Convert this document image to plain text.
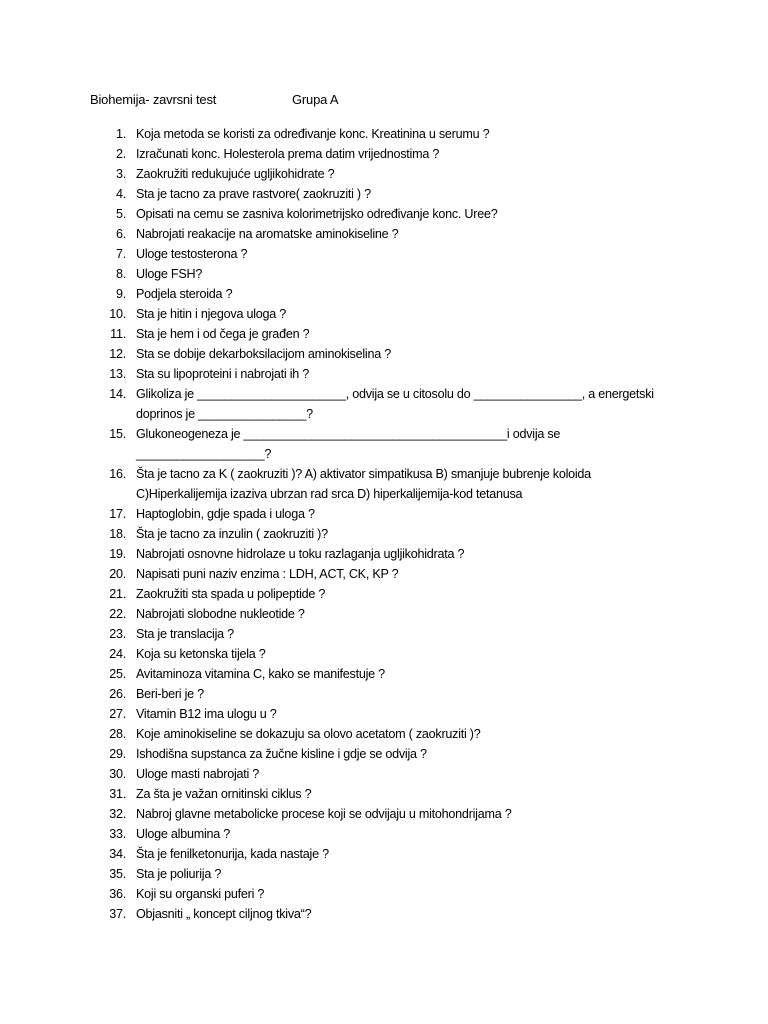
Biohemija- zavrsni test	Grupa A
1. Koja metoda se koristi za određivanje konc. Kreatinina u serumu ?
2. Izračunati konc. Holesterola prema datim vrijednostima ?
3. Zaokružiti redukujuće ugljikohidrate ?
4. Sta je tacno za prave rastvore( zaokruziti ) ?
5. Opisati na cemu se zasniva kolorimetrijsko određivanje konc. Uree?
6. Nabrojati reakacije na aromatske aminokiseline ?
7. Uloge testosterona ?
8. Uloge FSH?
9. Podjela steroida ?
10. Sta je hitin i njegova uloga ?
11. Sta je hem i od čega je građen ?
12. Sta se dobije dekarboksilacijom aminokiselina ?
13. Sta su lipoproteini i nabrojati ih ?
14. Glikoliza je ______________________, odvija se u citosolu do ________________, a energetski
doprinos je ________________?
15. Glukoneogeneza je _______________________________________i odvija se
___________________?
16. Šta je tacno za K ( zaokruziti )? A) aktivator simpatikusa B) smanjuje bubrenje koloida
C)Hiperkalijemija izaziva ubrzan rad srca D) hiperkalijemija-kod tetanusa
17. Haptoglobin, gdje spada i uloga ?
18. Šta je tacno za inzulin ( zaokruziti )?
19. Nabrojati osnovne hidrolaze u toku razlaganja ugljikohidrata ?
20. Napisati puni naziv enzima : LDH, ACT, CK, KP ?
21. Zaokružiti sta spada u polipeptide ?
22. Nabrojati slobodne nukleotide ?
23. Sta je translacija ?
24. Koja su ketonska tijela ?
25. Avitaminoza vitamina C, kako se manifestuje ?
26. Beri-beri je ?
27. Vitamin B12 ima ulogu u ?
28. Koje aminokiseline se dokazuju sa olovo acetatom ( zaokruziti )?
29. Ishodišna supstanca za žučne kisline i gdje se odvija ?
30. Uloge masti nabrojati ?
31. Za šta je važan ornitinski ciklus ?
32. Nabroj glavne metabolicke procese koji se odvijaju u mitohondrijama ?
33. Uloge albumina ?
34. Šta je fenilketonurija, kada nastaje ?
35. Sta je poliurija ?
36. Koji su organski puferi ?
37. Objasniti „ koncept ciljnog tkiva“?
